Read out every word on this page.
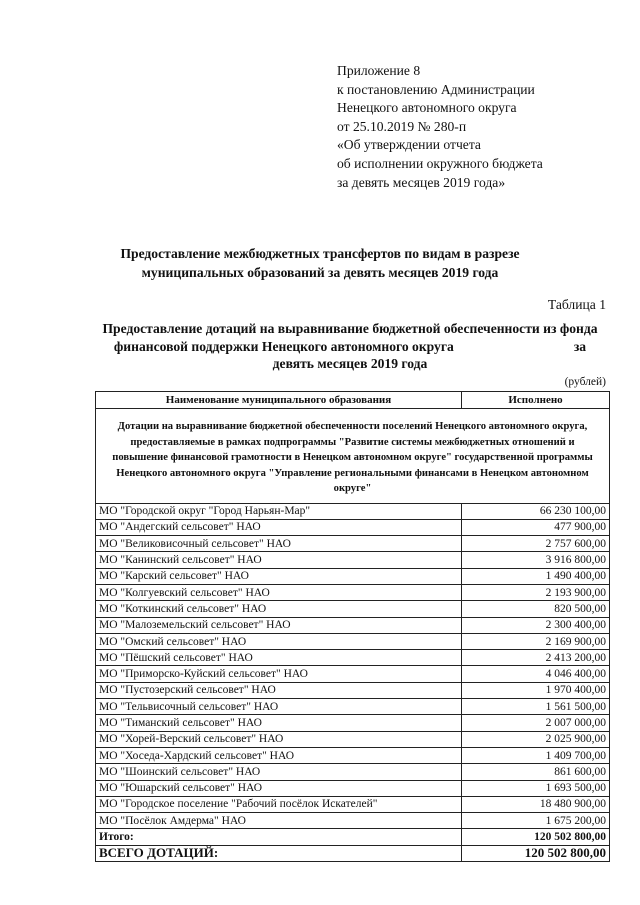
Приложение 8
к постановлению Администрации
Ненецкого автономного округа
от 25.10.2019 № 280-п
«Об утверждении отчета
об исполнении окружного бюджета
за девять месяцев 2019 года»
Предоставление межбюджетных трансфертов по видам в разрезе
муниципальных образований за девять месяцев 2019 года
Таблица 1
Предоставление дотаций на выравнивание бюджетной обеспеченности из фонда
финансовой поддержки Ненецкого автономного округа	за
девять месяцев 2019 года
(рублей)
Наименование муниципального образования	Исполнено
Дотации на выравнивание бюджетной обеспеченности поселений Ненецкого автономного округа, предоставляемые в рамках подпрограммы "Развитие системы межбюджетных отношений и повышение финансовой грамотности в Ненецком автономном округе" государственной программы Ненецкого автономного округа "Управление региональными финансами в Ненецком автономном округе"	
МО "Городской округ "Город Нарьян-Мар"	66 230 100,00
МО "Андегский сельсовет" НАО	477 900,00
МО "Великовисочный сельсовет" НАО	2 757 600,00
МО "Канинский сельсовет" НАО	3 916 800,00
МО "Карский сельсовет" НАО	1 490 400,00
МО "Колгуевский сельсовет" НАО	2 193 900,00
МО "Коткинский сельсовет" НАО	820 500,00
МО "Малоземельский сельсовет" НАО	2 300 400,00
МО "Омский сельсовет" НАО	2 169 900,00
МО "Пёшский сельсовет" НАО	2 413 200,00
МО "Приморско-Куйский сельсовет" НАО	4 046 400,00
МО "Пустозерский сельсовет" НАО	1 970 400,00
МО "Тельвисочный сельсовет" НАО	1 561 500,00
МО "Тиманский сельсовет" НАО	2 007 000,00
МО "Хорей-Верский сельсовет" НАО	2 025 900,00
МО "Хоседа-Хардский сельсовет" НАО	1 409 700,00
МО "Шоинский сельсовет" НАО	861 600,00
МО "Юшарский сельсовет" НАО	1 693 500,00
МО "Городское поселение "Рабочий посёлок Искателей"	18 480 900,00
МО "Посёлок Амдерма" НАО	1 675 200,00
Итого:	120 502 800,00
ВСЕГО ДОТАЦИЙ:	120 502 800,00
